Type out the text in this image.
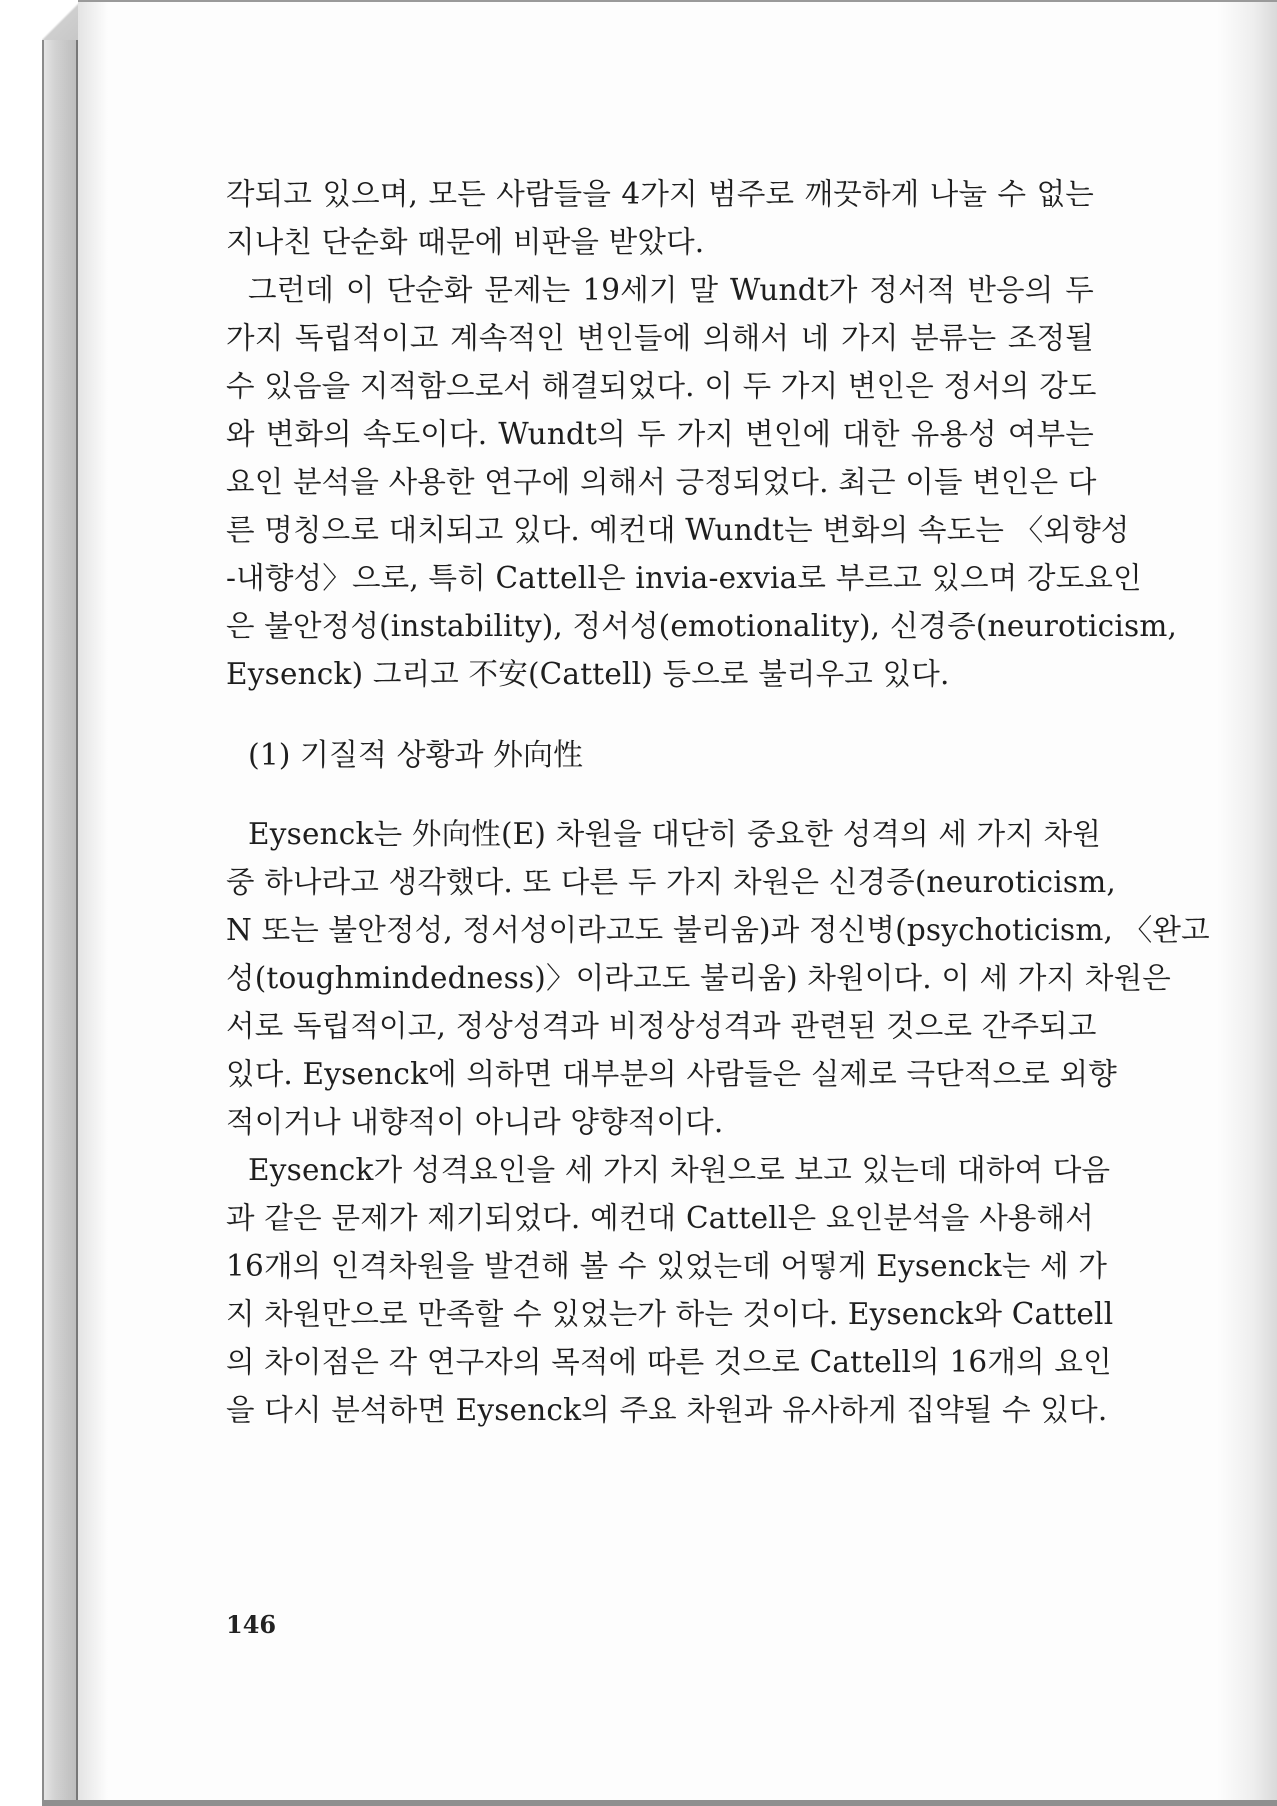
각되고 있으며, 모든 사람들을 4가지 범주로 깨끗하게 나눌 수 없는
지나친 단순화 때문에 비판을 받았다.
그런데 이 단순화 문제는 19세기 말 Wundt가 정서적 반응의 두
가지 독립적이고 계속적인 변인들에 의해서 네 가지 분류는 조정될
수 있음을 지적함으로서 해결되었다. 이 두 가지 변인은 정서의 강도
와 변화의 속도이다. Wundt의 두 가지 변인에 대한 유용성 여부는
요인 분석을 사용한 연구에 의해서 긍정되었다. 최근 이들 변인은 다
른 명칭으로 대치되고 있다. 예컨대 Wundt는 변화의 속도는 〈외향성
-내향성〉으로, 특히 Cattell은 invia-exvia로 부르고 있으며 강도요인
은 불안정성(instability), 정서성(emotionality), 신경증(neuroticism,
Eysenck) 그리고 不安(Cattell) 등으로 불리우고 있다.
(1) 기질적 상황과 外向性
Eysenck는 外向性(E) 차원을 대단히 중요한 성격의 세 가지 차원
중 하나라고 생각했다. 또 다른 두 가지 차원은 신경증(neuroticism,
N 또는 불안정성, 정서성이라고도 불리움)과 정신병(psychoticism, 〈완고
성(toughmindedness)〉이라고도 불리움) 차원이다. 이 세 가지 차원은
서로 독립적이고, 정상성격과 비정상성격과 관련된 것으로 간주되고
있다. Eysenck에 의하면 대부분의 사람들은 실제로 극단적으로 외향
적이거나 내향적이 아니라 양향적이다.
Eysenck가 성격요인을 세 가지 차원으로 보고 있는데 대하여 다음
과 같은 문제가 제기되었다. 예컨대 Cattell은 요인분석을 사용해서
16개의 인격차원을 발견해 볼 수 있었는데 어떻게 Eysenck는 세 가
지 차원만으로 만족할 수 있었는가 하는 것이다. Eysenck와 Cattell
의 차이점은 각 연구자의 목적에 따른 것으로 Cattell의 16개의 요인
을 다시 분석하면 Eysenck의 주요 차원과 유사하게 집약될 수 있다.
146
